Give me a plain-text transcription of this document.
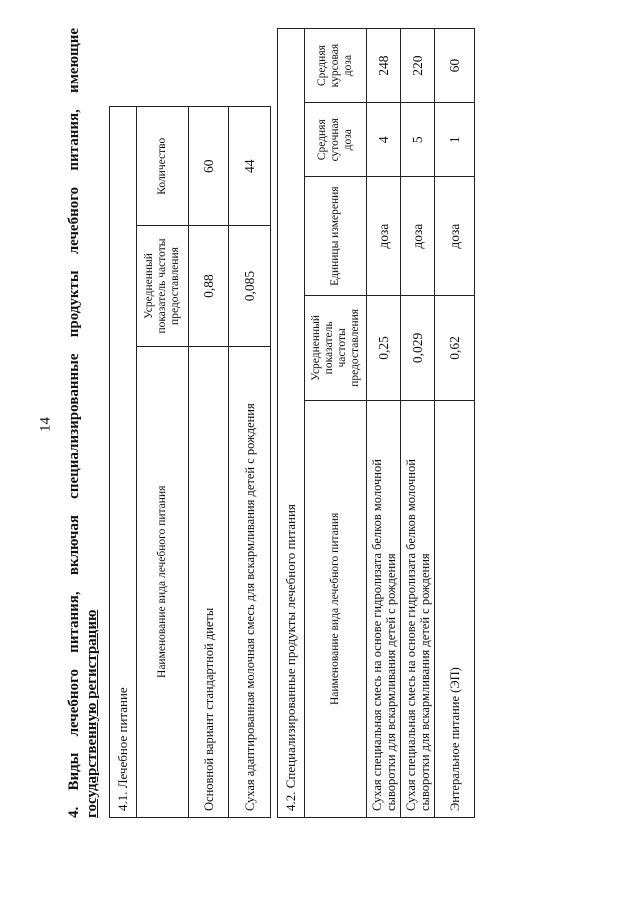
14 4. Виды лечебного питания, включая специализированные продукты лечебного питания, имеющие государственную регистрацию 4.1. Лечебное питание		
Наименование вида лечебного питания	Усредненный показатель частоты предоставления	Количество
Основной вариант стандартной диеты	0,88	60
Сухая адаптированная молочная смесь для вскармливания детей с рождения	0,085	44
4.2. Специализированные продукты лечебного питания				
Наименование вида лечебного питания	Усредненный показатель частоты предоставления	Единицы измерения	Средняя суточная доза	Средняя курсовая доза
Сухая специальная смесь на основе гидролизата белков молочной сыворотки для вскармливания детей с рождения	0,25	доза	4	248
Сухая специальная смесь на основе гидролизата белков молочной сыворотки для вскармливания детей с рождения	0,029	доза	5	220
Энтеральное питание (ЭП)	0,62	доза	1	60
